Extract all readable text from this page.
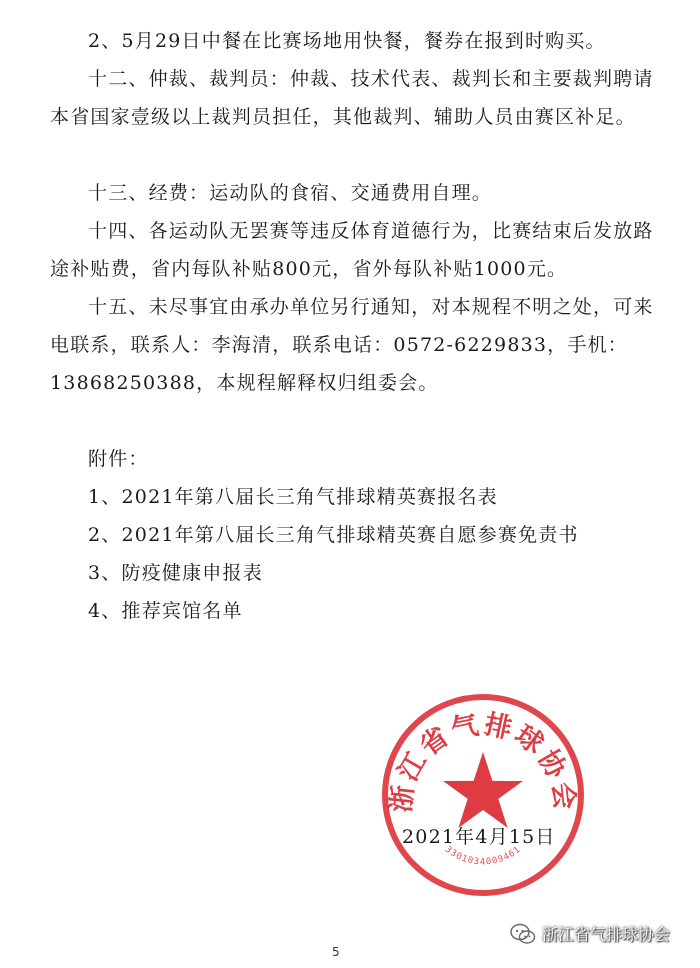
2、5月29日中餐在比赛场地用快餐，餐券在报到时购买。

十二、仲裁、裁判员：仲裁、技术代表、裁判长和主要裁判聘请本省国家壹级以上裁判员担任，其他裁判、辅助人员由赛区补足。

十三、经费：运动队的食宿、交通费用自理。

十四、各运动队无罢赛等违反体育道德行为，比赛结束后发放路途补贴费，省内每队补贴800元，省外每队补贴1000元。

十五、未尽事宜由承办单位另行通知，对本规程不明之处，可来电联系，联系人：李海清，联系电话：0572-6229833，手机：13868250388，本规程解释权归组委会。

附件：

1、2021年第八届长三角气排球精英赛报名表

2、2021年第八届长三角气排球精英赛自愿参赛免责书

3、防疫健康申报表

4、推荐宾馆名单

浙江省气排球协会
3301034009461
2021年4月15日
5
浙江省气排球协会
